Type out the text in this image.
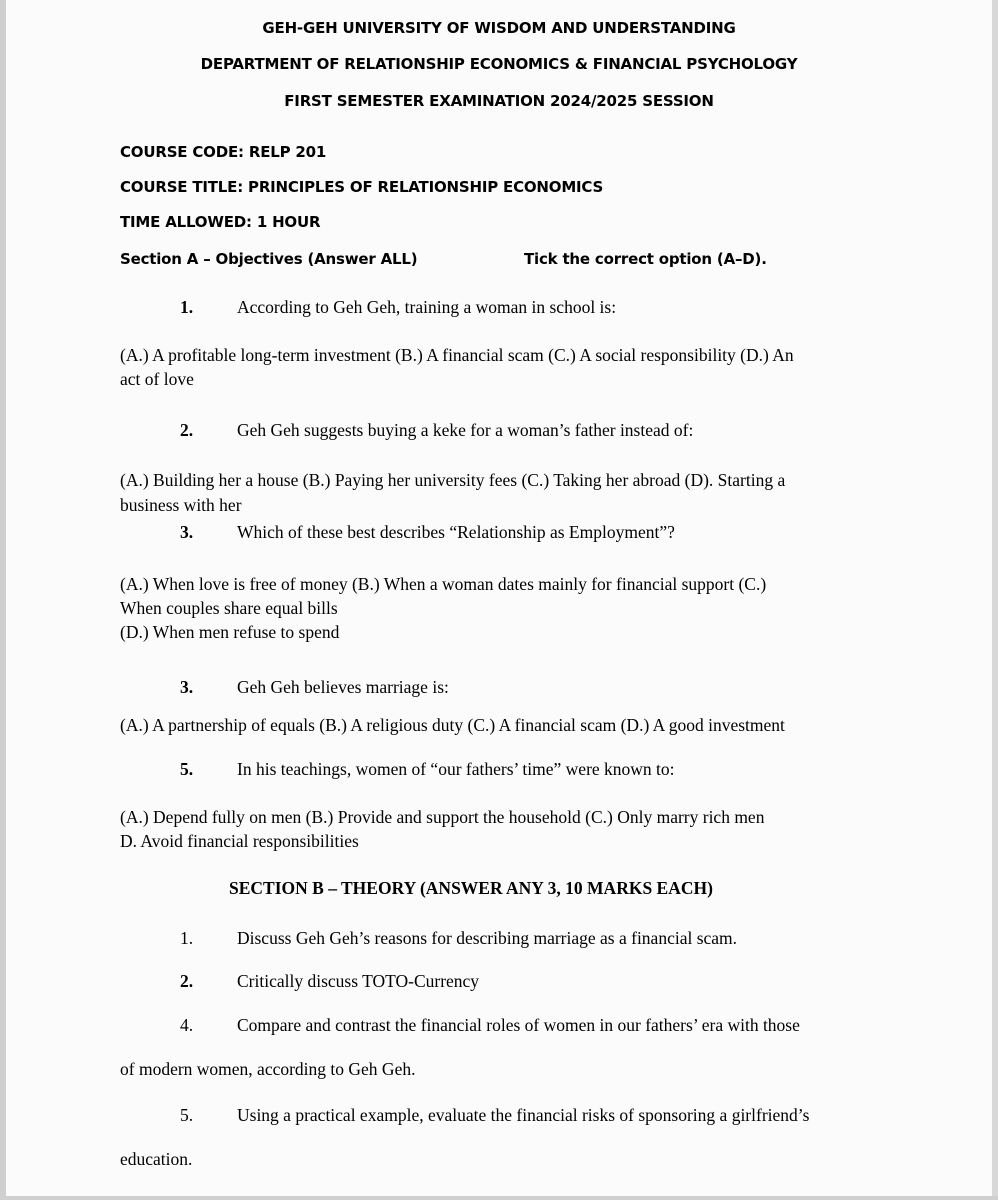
GEH-GEH UNIVERSITY OF WISDOM AND UNDERSTANDING
DEPARTMENT OF RELATIONSHIP ECONOMICS & FINANCIAL PSYCHOLOGY
FIRST SEMESTER EXAMINATION 2024/2025 SESSION
COURSE CODE: RELP 201
COURSE TITLE: PRINCIPLES OF RELATIONSHIP ECONOMICS
TIME ALLOWED: 1 HOUR
Section A – Objectives (Answer ALL)	Tick the correct option (A–D).
1.	According to Geh Geh, training a woman in school is:
(A.) A profitable long-term investment (B.) A financial scam (C.) A social responsibility (D.) An
act of love
2.	Geh Geh suggests buying a keke for a woman’s father instead of:
(A.) Building her a house (B.) Paying her university fees (C.) Taking her abroad (D). Starting a
business with her
3.	Which of these best describes “Relationship as Employment”?
(A.) When love is free of money (B.) When a woman dates mainly for financial support (C.)
When couples share equal bills
(D.) When men refuse to spend
3.	Geh Geh believes marriage is:
(A.) A partnership of equals (B.) A religious duty (C.) A financial scam (D.) A good investment
5.	In his teachings, women of “our fathers’ time” were known to:
(A.) Depend fully on men (B.) Provide and support the household (C.) Only marry rich men
D. Avoid financial responsibilities
SECTION B – THEORY (ANSWER ANY 3, 10 MARKS EACH)
1.	Discuss Geh Geh’s reasons for describing marriage as a financial scam.
2.	Critically discuss TOTO-Currency
4.	Compare and contrast the financial roles of women in our fathers’ era with those
of modern women, according to Geh Geh.
5.	Using a practical example, evaluate the financial risks of sponsoring a girlfriend’s
education.
